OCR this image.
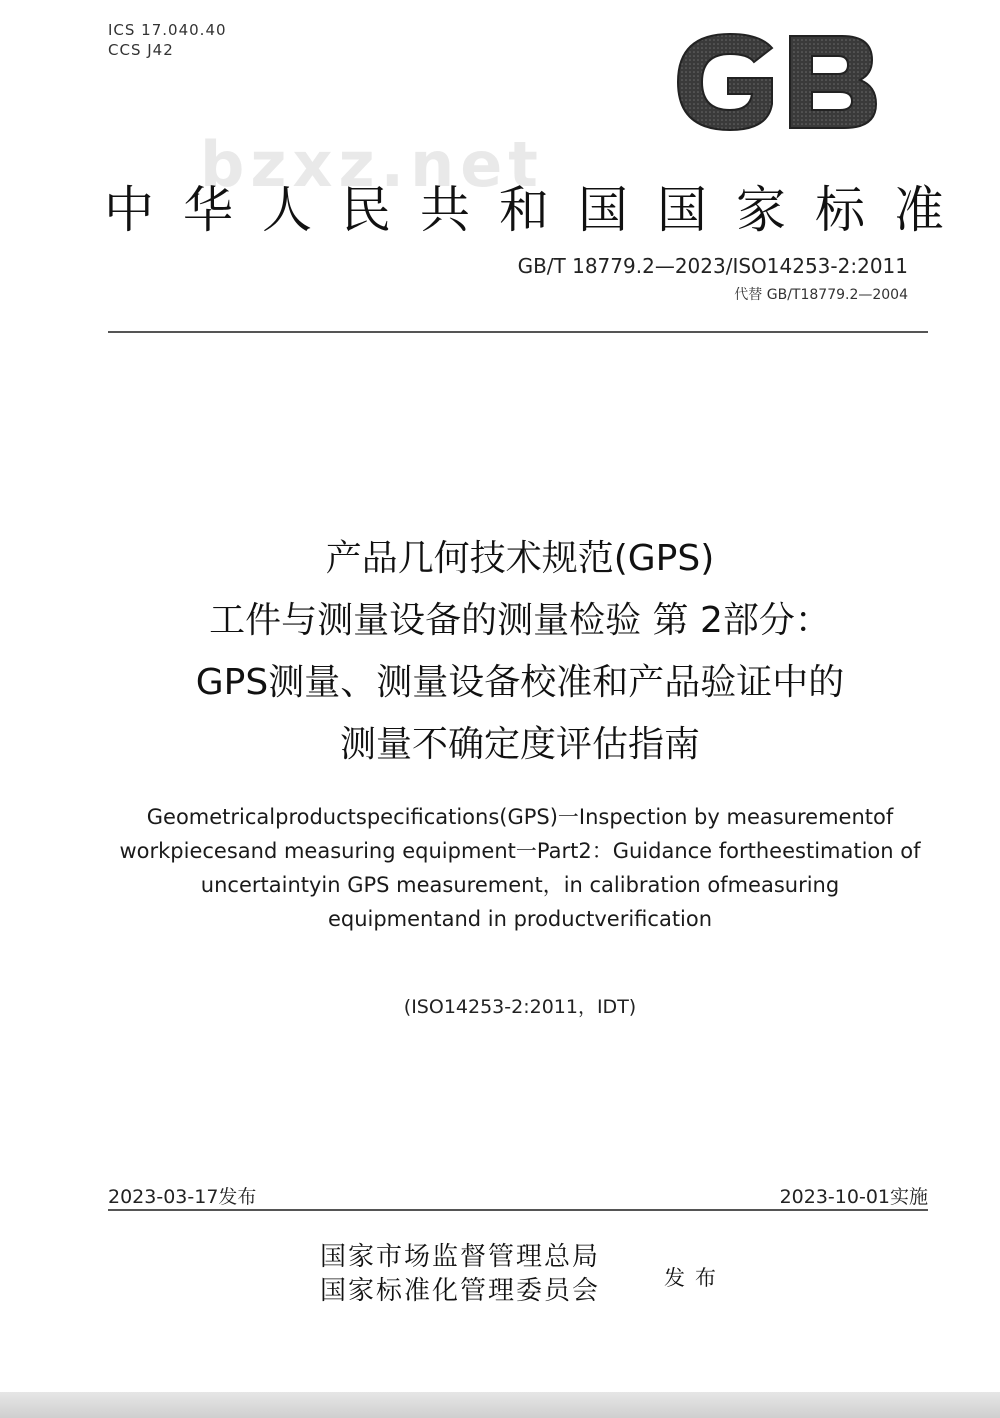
ICS 17.040.40
CCS J42
bzxz.net
中华人民共和国国家标准
GB/T 18779.2—2023/ISO14253-2:2011
代替 GB/T18779.2—2004
产品几何技术规范(GPS)
工件与测量设备的测量检验 第 2部分：
GPS测量、测量设备校准和产品验证中的
测量不确定度评估指南
Geometricalproductspecifications(GPS)一Inspection by measurementof
workpiecesand measuring equipment一Part2：Guidance fortheestimation of
uncertaintyin GPS measurement，in calibration ofmeasuring
equipmentand in productverification
(ISO14253-2:2011，IDT)
2023-03-17发布	2023-10-01实施
国家市场监督管理总局
国家标准化管理委员会	发布
